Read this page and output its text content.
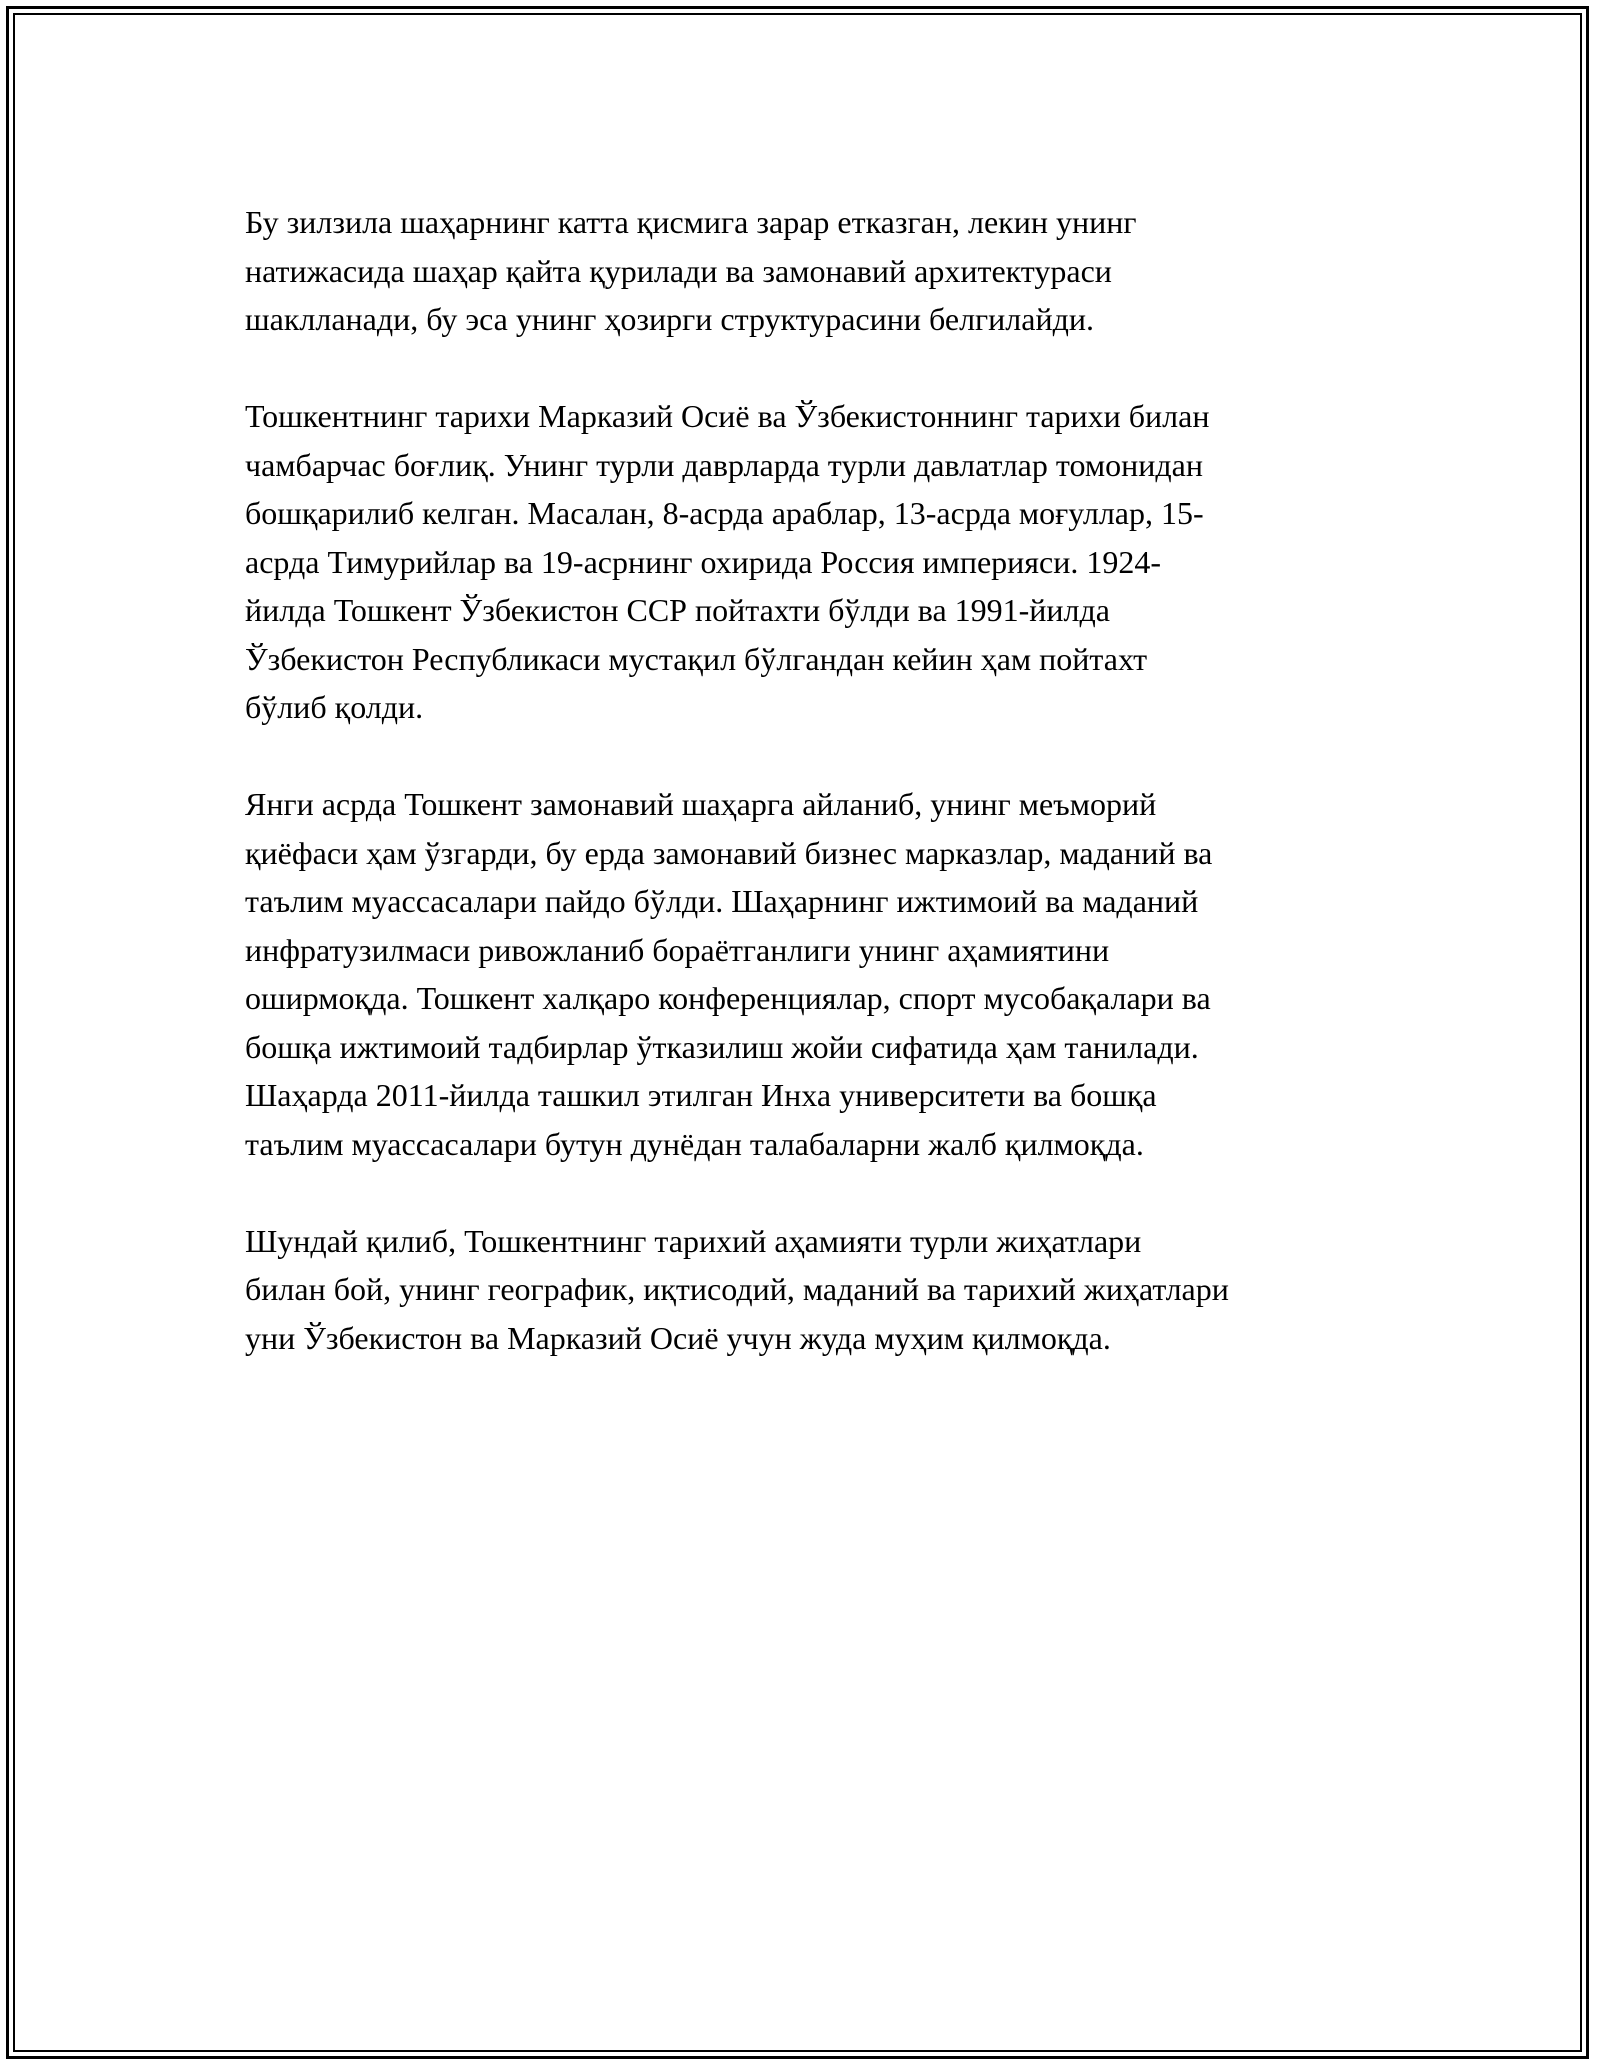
Бу зилзила шаҳарнинг катта қисмига зарар етказган, лекин унинг
натижасида шаҳар қайта қурилади ва замонавий архитектураси
шаклланади, бу эса унинг ҳозирги структурасини белгилайди.

Тошкентнинг тарихи Марказий Осиё ва Ўзбекистоннинг тарихи билан
чамбарчас боғлиқ. Унинг турли даврларда турли давлатлар томонидан
бошқарилиб келган. Масалан, 8-асрда араблар, 13-асрда моғуллар, 15-
асрда Тимурийлар ва 19-асрнинг охирида Россия империяси. 1924-
йилда Тошкент Ўзбекистон ССР пойтахти бўлди ва 1991-йилда
Ўзбекистон Республикаси мустақил бўлгандан кейин ҳам пойтахт
бўлиб қолди.

Янги асрда Тошкент замонавий шаҳарга айланиб, унинг меъморий
қиёфаси ҳам ўзгарди, бу ерда замонавий бизнес марказлар, маданий ва
таълим муассасалари пайдо бўлди. Шаҳарнинг ижтимоий ва маданий
инфратузилмаси ривожланиб бораётганлиги унинг аҳамиятини
оширмоқда. Тошкент халқаро конференциялар, спорт мусобақалари ва
бошқа ижтимоий тадбирлар ўтказилиш жойи сифатида ҳам танилади.
Шаҳарда 2011-йилда ташкил этилган Инха университети ва бошқа
таълим муассасалари бутун дунёдан талабаларни жалб қилмоқда.

Шундай қилиб, Тошкентнинг тарихий аҳамияти турли жиҳатлари
билан бой, унинг географик, иқтисодий, маданий ва тарихий жиҳатлари
уни Ўзбекистон ва Марказий Осиё учун жуда муҳим қилмоқда.
